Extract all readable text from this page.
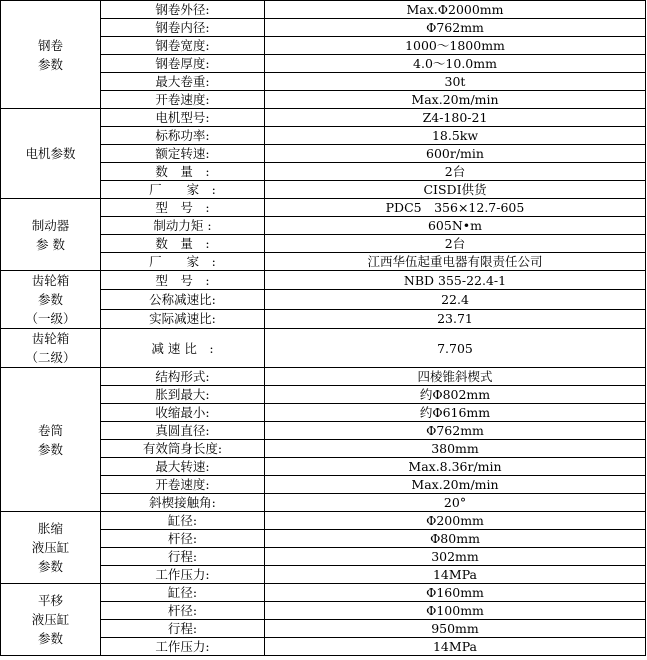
钢卷
参数	钢卷外径:	Max.Φ2000mm
	钢卷内径:	Φ762mm
	钢卷宽度:	1000～1800mm
	钢卷厚度:	4.0～10.0mm
	最大卷重:	30t
	开卷速度:	Max.20m/min

电机参数	电机型号:	Z4-180-21
	标称功率:	18.5kw
	额定转速:	600r/min
	数　量　:	2台
	厂　　家　:	CISDI供货

制动器
参 数	型　号　:	PDC5　356×12.7-605
	制动力矩 :	605N•m
	数　量　:	2台
	厂　　家　:	江西华伍起重电器有限责任公司

齿轮箱
参数
（一级）	型　号　:	NBD 355-22.4-1
	公称减速比:	22.4
	实际减速比:	23.71

齿轮箱
（二级）	减 速 比　:	7.705

卷筒
参数	结构形式:	四棱锥斜楔式
	胀到最大:	约Φ802mm
	收缩最小:	约Φ616mm
	真圆直径:	Φ762mm
	有效筒身长度:	380mm
	最大转速:	Max.8.36r/min
	开卷速度:	Max.20m/min
	斜楔接触角:	20°

胀缩
液压缸
参数	缸径:	Φ200mm
	杆径:	Φ80mm
	行程:	302mm
	工作压力:	14MPa

平移
液压缸
参数	缸径:	Φ160mm
	杆径:	Φ100mm
	行程:	950mm
	工作压力:	14MPa
